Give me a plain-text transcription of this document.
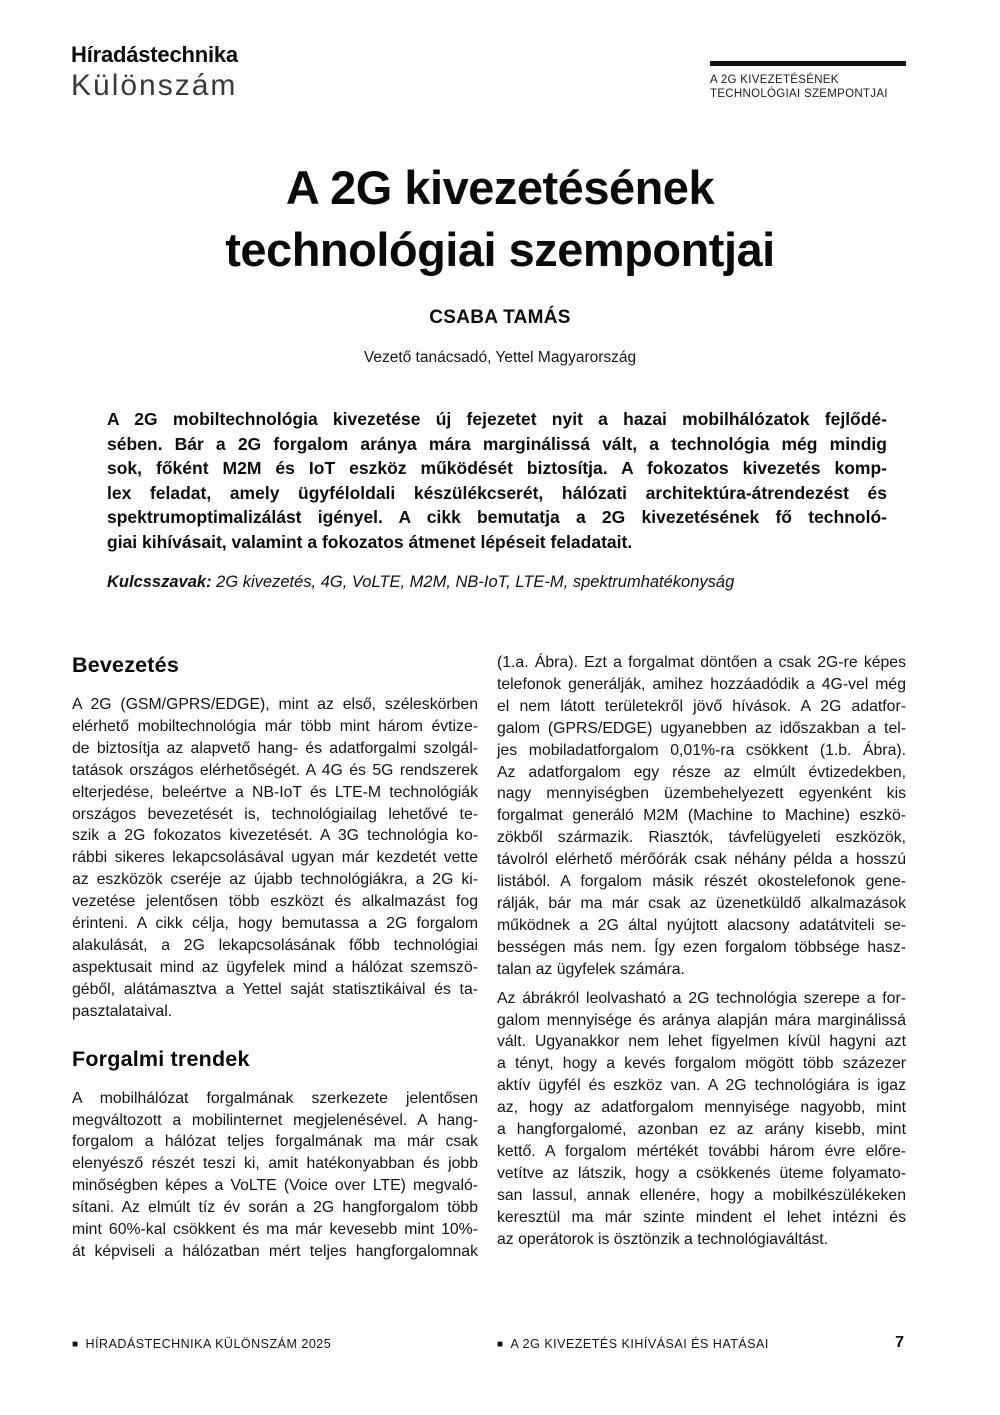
Híradástechnika
Különszám	A 2G KIVEZETÉSÉNEK
TECHNOLÓGIAI SZEMPONTJAI
A 2G kivezetésének
technológiai szempontjai
CSABA TAMÁS
Vezető tanácsadó, Yettel Magyarország
A 2G mobiltechnológia kivezetése új fejezetet nyit a hazai mobilhálózatok fejlődé-
sében. Bár a 2G forgalom aránya mára marginálissá vált, a technológia még mindig
sok, főként M2M és IoT eszköz működését biztosítja. A fokozatos kivezetés komp-
lex feladat, amely ügyféloldali készülékcserét, hálózati architektúra-átrendezést és
spektrumoptimalizálást igényel. A cikk bemutatja a 2G kivezetésének fő technoló-
giai kihívásait, valamint a fokozatos átmenet lépéseit feladatait.
Kulcsszavak: 2G kivezetés, 4G, VoLTE, M2M, NB-IoT, LTE-M, spektrumhatékonyság
Bevezetés
A 2G (GSM/GPRS/EDGE), mint az első, széleskörben
elérhető mobiltechnológia már több mint három évtize-
de biztosítja az alapvető hang- és adatforgalmi szolgál-
tatások országos elérhetőségét. A 4G és 5G rendszerek
elterjedése, beleértve a NB-IoT és LTE-M technológiák
országos bevezetését is, technológiailag lehetővé te-
szik a 2G fokozatos kivezetését. A 3G technológia ko-
rábbi sikeres lekapcsolásával ugyan már kezdetét vette
az eszközök cseréje az újabb technológiákra, a 2G ki-
vezetése jelentősen több eszközt és alkalmazást fog
érinteni. A cikk célja, hogy bemutassa a 2G forgalom
alakulását, a 2G lekapcsolásának főbb technológiai
aspektusait mind az ügyfelek mind a hálózat szemszö-
géből, alátámasztva a Yettel saját statisztikáival és ta-
pasztalataival.
Forgalmi trendek
A mobilhálózat forgalmának szerkezete jelentősen
megváltozott a mobilinternet megjelenésével. A hang-
forgalom a hálózat teljes forgalmának ma már csak
elenyésző részét teszi ki, amit hatékonyabban és jobb
minőségben képes a VoLTE (Voice over LTE) megvaló-
sítani. Az elmúlt tíz év során a 2G hangforgalom több
mint 60%-kal csökkent és ma már kevesebb mint 10%-
át képviseli a hálózatban mért teljes hangforgalomnak
(1.a. Ábra). Ezt a forgalmat döntően a csak 2G-re képes
telefonok generálják, amihez hozzáadódik a 4G-vel még
el nem látott területekről jövő hívások. A 2G adatfor-
galom (GPRS/EDGE) ugyanebben az időszakban a tel-
jes mobiladatforgalom 0,01%-ra csökkent (1.b. Ábra).
Az adatforgalom egy része az elmúlt évtizedekben,
nagy mennyiségben üzembehelyezett egyenként kis
forgalmat generáló M2M (Machine to Machine) eszkö-
zökből származik. Riasztók, távfelügyeleti eszközök,
távolról elérhető mérőórák csak néhány példa a hosszú
listából. A forgalom másik részét okostelefonok gene-
rálják, bár ma már csak az üzenetküldő alkalmazások
működnek a 2G által nyújtott alacsony adatátviteli se-
bességen más nem. Így ezen forgalom többsége hasz-
talan az ügyfelek számára.
Az ábrákról leolvasható a 2G technológia szerepe a for-
galom mennyisége és aránya alapján mára marginálissá
vált. Ugyanakkor nem lehet figyelmen kívül hagyni azt
a tényt, hogy a kevés forgalom mögött több százezer
aktív ügyfél és eszköz van. A 2G technológiára is igaz
az, hogy az adatforgalom mennyisége nagyobb, mint
a hangforgalomé, azonban ez az arány kisebb, mint
kettő. A forgalom mértékét további három évre előre-
vetítve az látszik, hogy a csökkenés üteme folyamato-
san lassul, annak ellenére, hogy a mobilkészülékeken
keresztül ma már szinte mindent el lehet intézni és
az operátorok is ösztönzik a technológiaváltást.
■ HÍRADÁSTECHNIKA KÜLÖNSZÁM 2025	■ A 2G KIVEZETÉS KIHÍVÁSAI ÉS HATÁSAI	7
